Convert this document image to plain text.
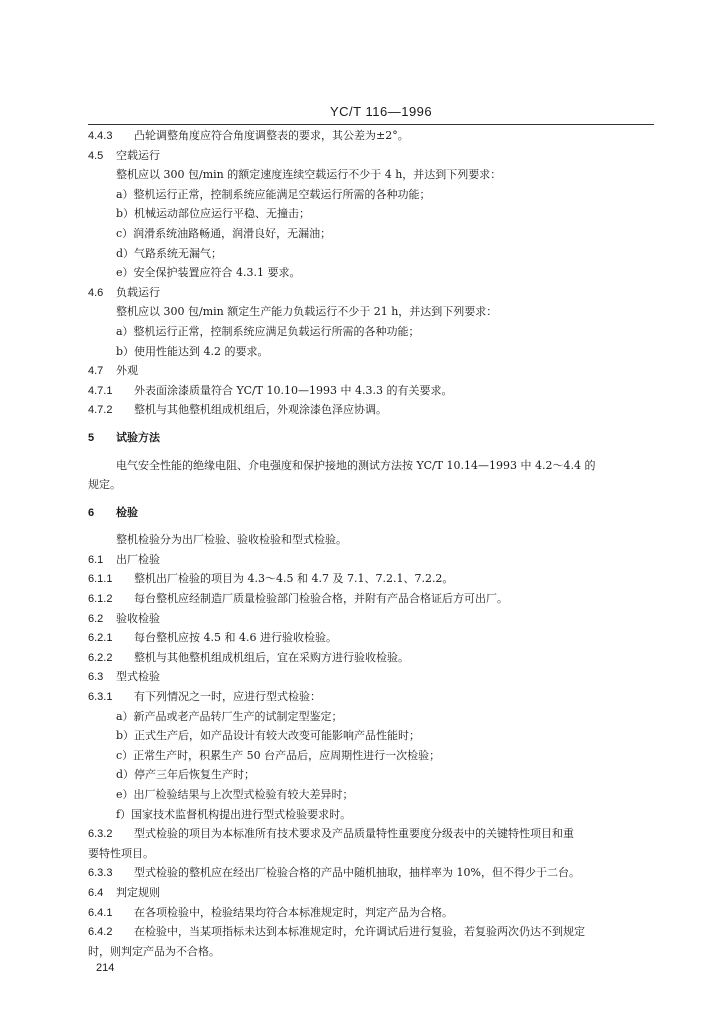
YC/T 116—1996
4.4.3 凸轮调整角度应符合角度调整表的要求，其公差为±2°。
4.5 空载运行
整机应以 300 包/min 的额定速度连续空载运行不少于 4 h，并达到下列要求：
a）整机运行正常，控制系统应能满足空载运行所需的各种功能；
b）机械运动部位应运行平稳、无撞击；
c）润滑系统油路畅通，润滑良好，无漏油；
d）气路系统无漏气；
e）安全保护装置应符合 4.3.1 要求。
4.6 负载运行
整机应以 300 包/min 额定生产能力负载运行不少于 21 h，并达到下列要求：
a）整机运行正常，控制系统应满足负载运行所需的各种功能；
b）使用性能达到 4.2 的要求。
4.7 外观
4.7.1 外表面涂漆质量符合 YC/T 10.10—1993 中 4.3.3 的有关要求。
4.7.2 整机与其他整机组成机组后，外观涂漆色泽应协调。
5 试验方法
电气安全性能的绝缘电阻、介电强度和保护接地的测试方法按 YC/T 10.14—1993 中 4.2～4.4 的
规定。
6 检验
整机检验分为出厂检验、验收检验和型式检验。
6.1 出厂检验
6.1.1 整机出厂检验的项目为 4.3～4.5 和 4.7 及 7.1、7.2.1、7.2.2。
6.1.2 每台整机应经制造厂质量检验部门检验合格，并附有产品合格证后方可出厂。
6.2 验收检验
6.2.1 每台整机应按 4.5 和 4.6 进行验收检验。
6.2.2 整机与其他整机组成机组后，宜在采购方进行验收检验。
6.3 型式检验
6.3.1 有下列情况之一时，应进行型式检验：
a）新产品或老产品转厂生产的试制定型鉴定；
b）正式生产后，如产品设计有较大改变可能影响产品性能时；
c）正常生产时，积累生产 50 台产品后，应周期性进行一次检验；
d）停产三年后恢复生产时；
e）出厂检验结果与上次型式检验有较大差异时；
f）国家技术监督机构提出进行型式检验要求时。
6.3.2 型式检验的项目为本标准所有技术要求及产品质量特性重要度分级表中的关键特性项目和重
要特性项目。
6.3.3 型式检验的整机应在经出厂检验合格的产品中随机抽取，抽样率为 10%，但不得少于二台。
6.4 判定规则
6.4.1 在各项检验中，检验结果均符合本标准规定时，判定产品为合格。
6.4.2 在检验中，当某项指标未达到本标准规定时，允许调试后进行复验，若复验两次仍达不到规定
时，则判定产品为不合格。
214
